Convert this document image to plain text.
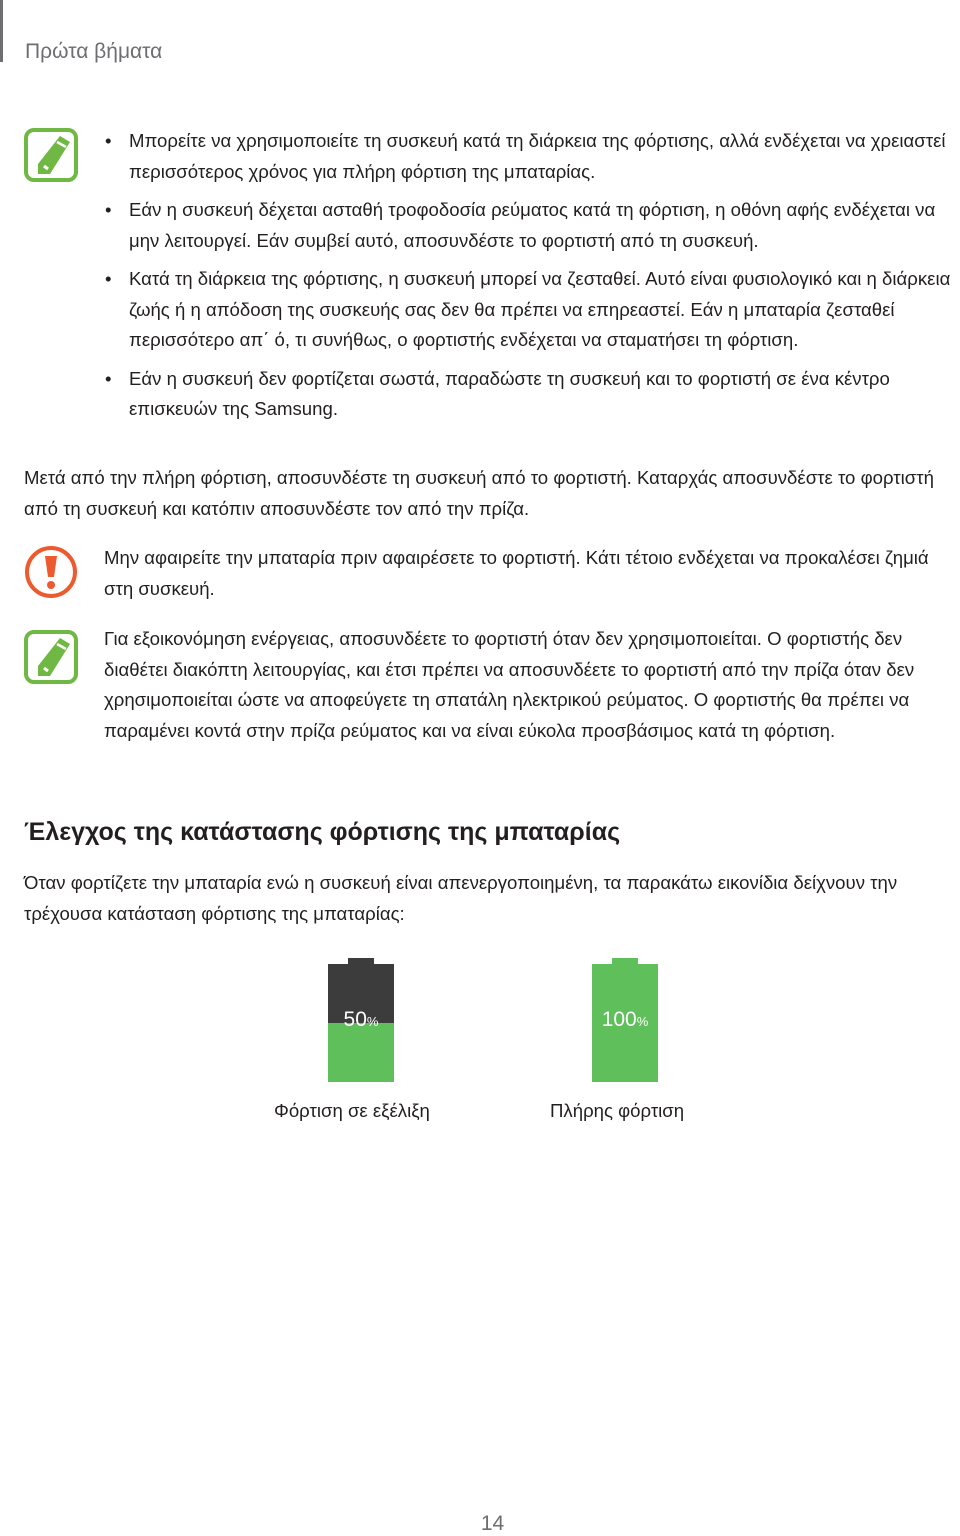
Πρώτα βήματα
• Μπορείτε να χρησιμοποιείτε τη συσκευή κατά τη διάρκεια της φόρτισης, αλλά ενδέχεται να χρειαστεί περισσότερος χρόνος για πλήρη φόρτιση της μπαταρίας.
• Εάν η συσκευή δέχεται ασταθή τροφοδοσία ρεύματος κατά τη φόρτιση, η οθόνη αφής ενδέχεται να μην λειτουργεί. Εάν συμβεί αυτό, αποσυνδέστε το φορτιστή από τη συσκευή.
• Κατά τη διάρκεια της φόρτισης, η συσκευή μπορεί να ζεσταθεί. Αυτό είναι φυσιολογικό και η διάρκεια ζωής ή η απόδοση της συσκευής σας δεν θα πρέπει να επηρεαστεί. Εάν η μπαταρία ζεσταθεί περισσότερο απ΄ ό, τι συνήθως, ο φορτιστής ενδέχεται να σταματήσει τη φόρτιση.
• Εάν η συσκευή δεν φορτίζεται σωστά, παραδώστε τη συσκευή και το φορτιστή σε ένα κέντρο επισκευών της Samsung.

Μετά από την πλήρη φόρτιση, αποσυνδέστε τη συσκευή από το φορτιστή. Καταρχάς αποσυνδέστε το φορτιστή από τη συσκευή και κατόπιν αποσυνδέστε τον από την πρίζα.

Μην αφαιρείτε την μπαταρία πριν αφαιρέσετε το φορτιστή. Κάτι τέτοιο ενδέχεται να προκαλέσει ζημιά στη συσκευή.

Για εξοικονόμηση ενέργειας, αποσυνδέετε το φορτιστή όταν δεν χρησιμοποιείται. Ο φορτιστής δεν διαθέτει διακόπτη λειτουργίας, και έτσι πρέπει να αποσυνδέετε το φορτιστή από την πρίζα όταν δεν χρησιμοποιείται ώστε να αποφεύγετε τη σπατάλη ηλεκτρικού ρεύματος. Ο φορτιστής θα πρέπει να παραμένει κοντά στην πρίζα ρεύματος και να είναι εύκολα προσβάσιμος κατά τη φόρτιση.

Έλεγχος της κατάστασης φόρτισης της μπαταρίας

Όταν φορτίζετε την μπαταρία ενώ η συσκευή είναι απενεργοποιημένη, τα παρακάτω εικονίδια δείχνουν την τρέχουσα κατάσταση φόρτισης της μπαταρίας:

50%
Φόρτιση σε εξέλιξη
100%
Πλήρης φόρτιση
14
